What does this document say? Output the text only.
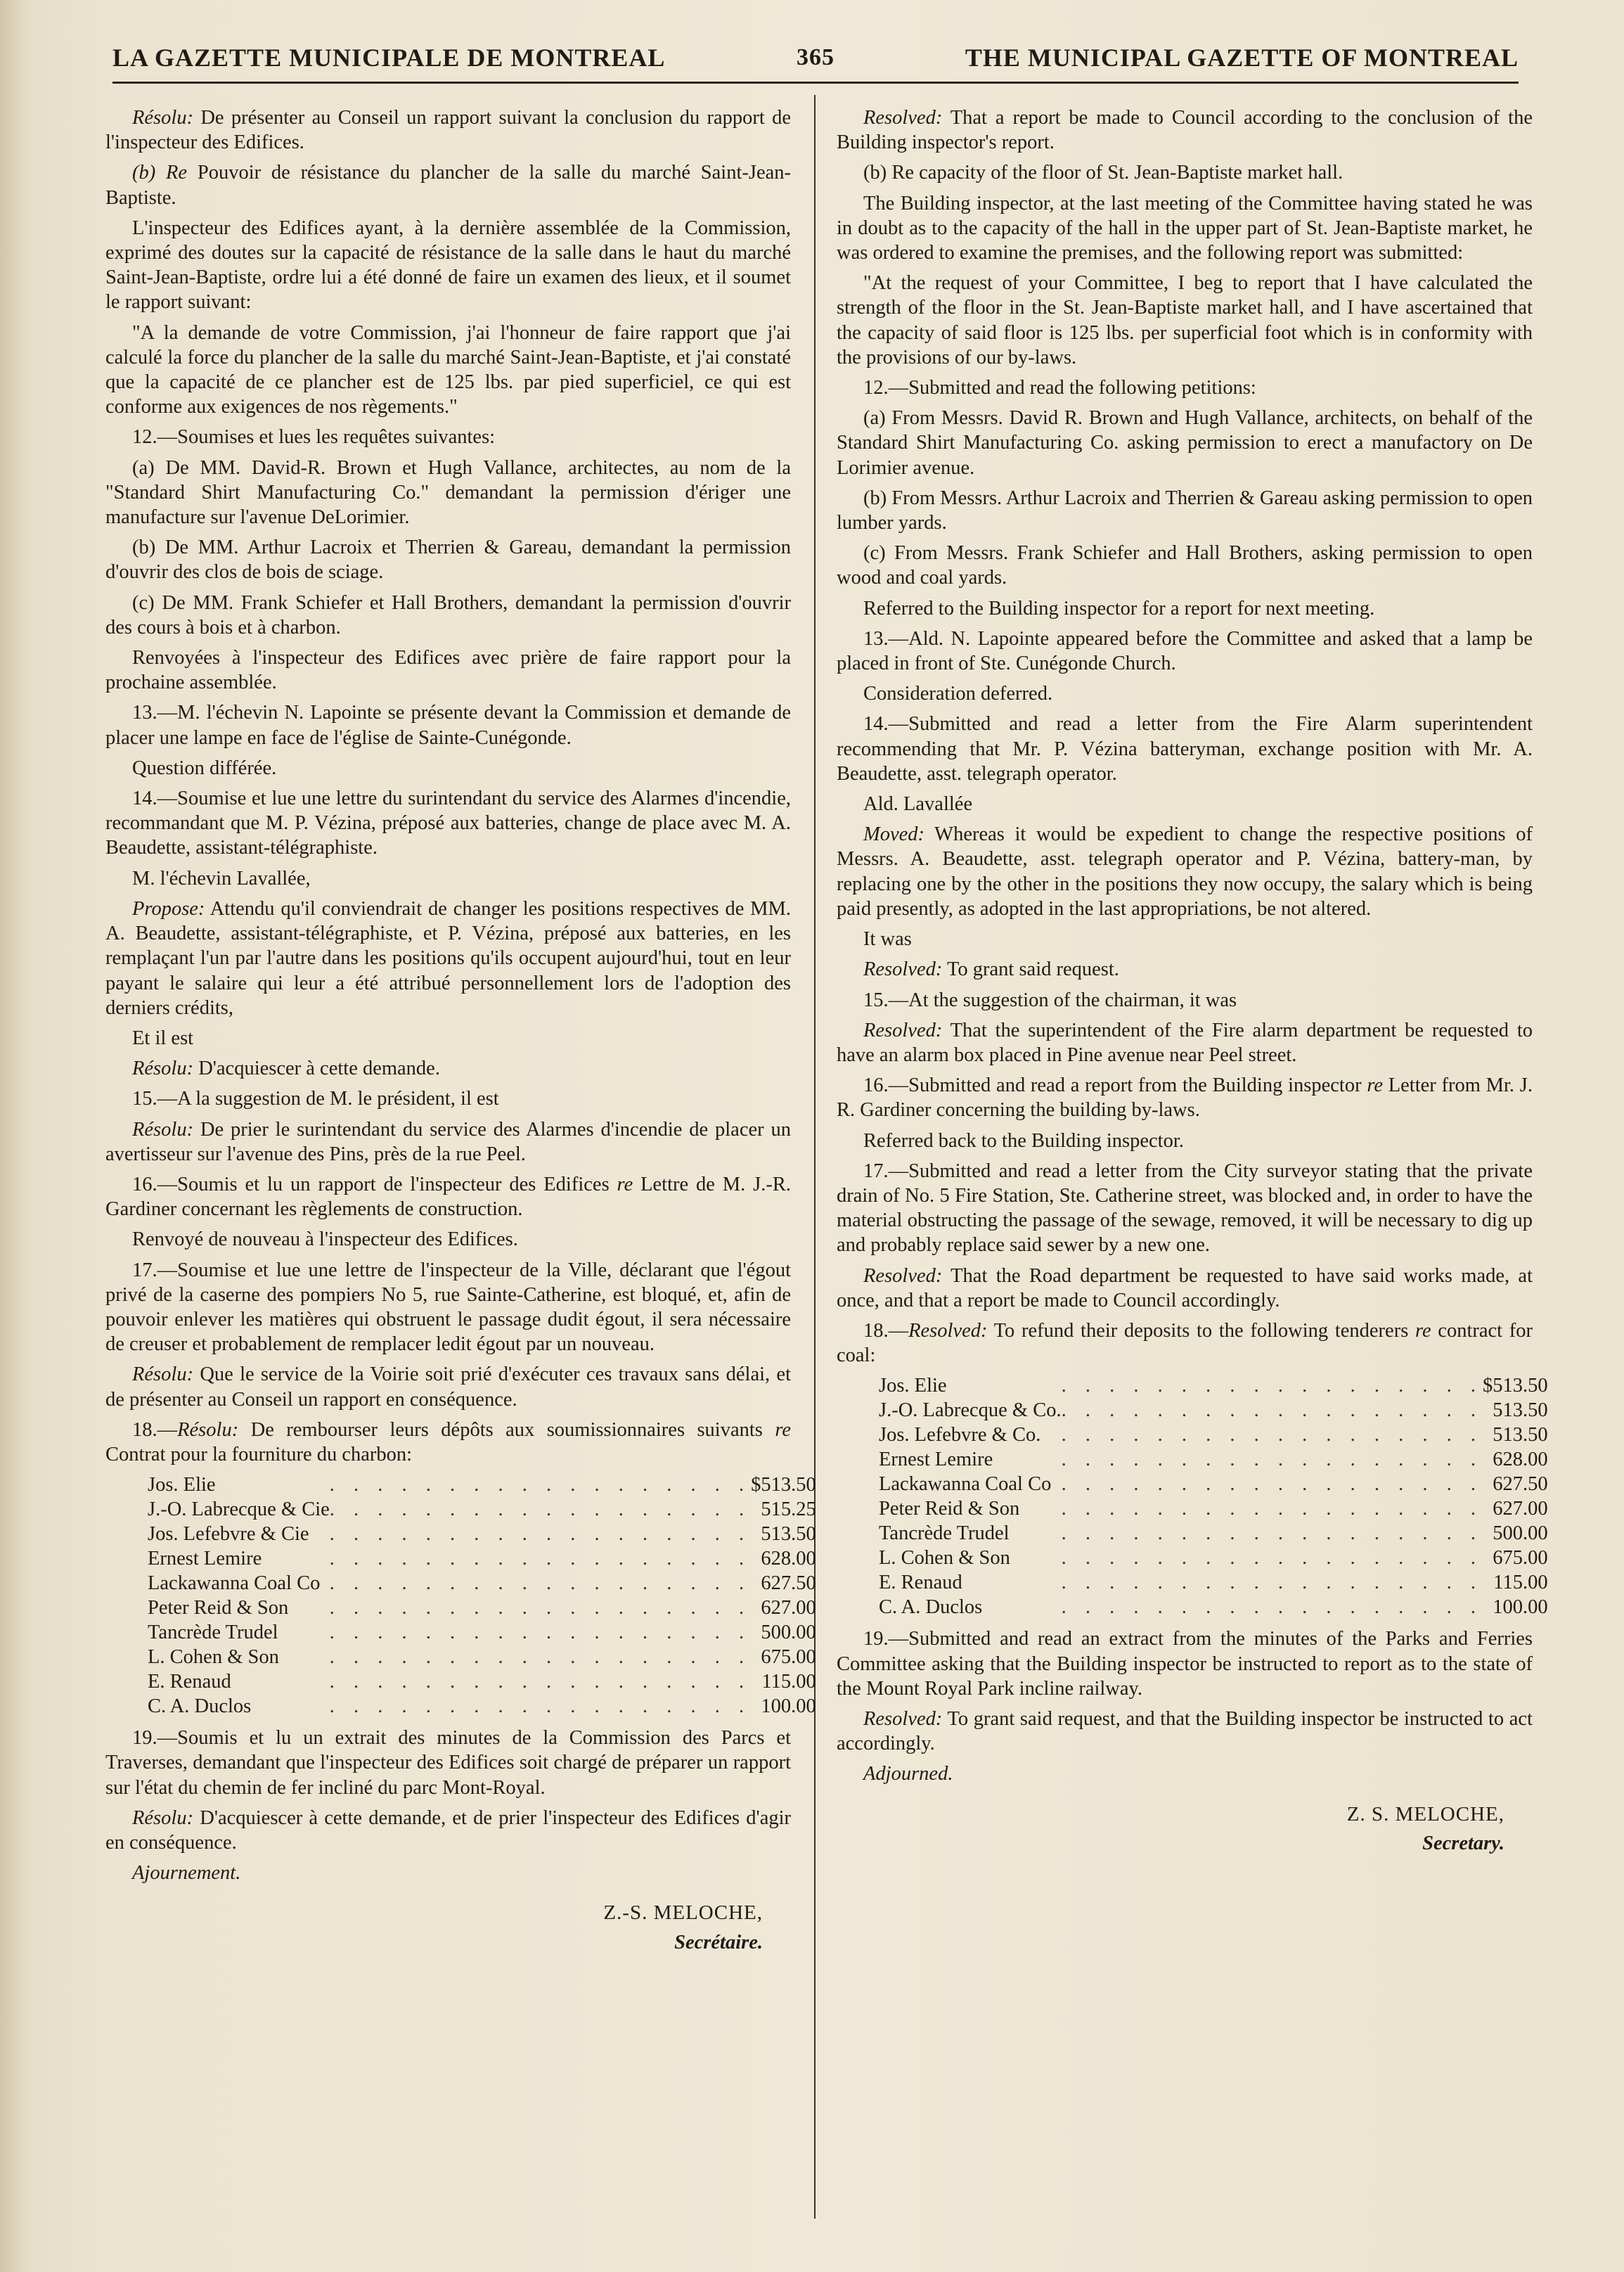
LA GAZETTE MUNICIPALE DE MONTREAL	365	THE MUNICIPAL GAZETTE OF MONTREAL

Résolu: De présenter au Conseil un rapport suivant la conclusion du rapport de l'inspecteur des Edifices.

(b) Re Pouvoir de résistance du plancher de la salle du marché Saint-Jean-Baptiste.

L'inspecteur des Edifices ayant, à la dernière assemblée de la Commission, exprimé des doutes sur la capacité de résistance de la salle dans le haut du marché Saint-Jean-Baptiste, ordre lui a été donné de faire un examen des lieux, et il soumet le rapport suivant:

"A la demande de votre Commission, j'ai l'honneur de faire rapport que j'ai calculé la force du plancher de la salle du marché Saint-Jean-Baptiste, et j'ai constaté que la capacité de ce plancher est de 125 lbs. par pied superficiel, ce qui est conforme aux exigences de nos règements."

12.—Soumises et lues les requêtes suivantes:

(a) De MM. David-R. Brown et Hugh Vallance, architectes, au nom de la "Standard Shirt Manufacturing Co." demandant la permission d'ériger une manufacture sur l'avenue DeLorimier.

(b) De MM. Arthur Lacroix et Therrien & Gareau, demandant la permission d'ouvrir des clos de bois de sciage.

(c) De MM. Frank Schiefer et Hall Brothers, demandant la permission d'ouvrir des cours à bois et à charbon.

Renvoyées à l'inspecteur des Edifices avec prière de faire rapport pour la prochaine assemblée.

13.—M. l'échevin N. Lapointe se présente devant la Commission et demande de placer une lampe en face de l'église de Sainte-Cunégonde.

Question différée.

14.—Soumise et lue une lettre du surintendant du service des Alarmes d'incendie, recommandant que M. P. Vézina, préposé aux batteries, change de place avec M. A. Beaudette, assistant-télégraphiste.

M. l'échevin Lavallée,

Propose: Attendu qu'il conviendrait de changer les positions respectives de MM. A. Beaudette, assistant-télégraphiste, et P. Vézina, préposé aux batteries, en les remplaçant l'un par l'autre dans les positions qu'ils occupent aujourd'hui, tout en leur payant le salaire qui leur a été attribué personnellement lors de l'adoption des derniers crédits,

Et il est

Résolu: D'acquiescer à cette demande.

15.—A la suggestion de M. le président, il est

Résolu: De prier le surintendant du service des Alarmes d'incendie de placer un avertisseur sur l'avenue des Pins, près de la rue Peel.

16.—Soumis et lu un rapport de l'inspecteur des Edifices re Lettre de M. J.-R. Gardiner concernant les règlements de construction.

Renvoyé de nouveau à l'inspecteur des Edifices.

17.—Soumise et lue une lettre de l'inspecteur de la Ville, déclarant que l'égout privé de la caserne des pompiers No 5, rue Sainte-Catherine, est bloqué, et, afin de pouvoir enlever les matières qui obstruent le passage dudit égout, il sera nécessaire de creuser et probablement de remplacer ledit égout par un nouveau.

Résolu: Que le service de la Voirie soit prié d'exécuter ces travaux sans délai, et de présenter au Conseil un rapport en conséquence.

18.—Résolu: De rembourser leurs dépôts aux soumissionnaires suivants re Contrat pour la fourniture du charbon:

Jos. Elie	. . . . . . . . . . . . . . . . . .	$513.50
J.-O. Labrecque & Cie	. . . . . . . . . . . . . . . . . .	515.25
Jos. Lefebvre & Cie	. . . . . . . . . . . . . . . . . .	513.50
Ernest Lemire	. . . . . . . . . . . . . . . . . .	628.00
Lackawanna Coal Co	. . . . . . . . . . . . . . . . . .	627.50
Peter Reid & Son	. . . . . . . . . . . . . . . . . .	627.00
Tancrède Trudel	. . . . . . . . . . . . . . . . . .	500.00
L. Cohen & Son	. . . . . . . . . . . . . . . . . .	675.00
E. Renaud	. . . . . . . . . . . . . . . . . .	115.00
C. A. Duclos	. . . . . . . . . . . . . . . . . .	100.00

19.—Soumis et lu un extrait des minutes de la Commission des Parcs et Traverses, demandant que l'inspecteur des Edifices soit chargé de préparer un rapport sur l'état du chemin de fer incliné du parc Mont-Royal.

Résolu: D'acquiescer à cette demande, et de prier l'inspecteur des Edifices d'agir en conséquence.

Ajournement.
Z.-S. MELOCHE,
Secrétaire.

Resolved: That a report be made to Council according to the conclusion of the Building inspector's report.

(b) Re capacity of the floor of St. Jean-Baptiste market hall.

The Building inspector, at the last meeting of the Committee having stated he was in doubt as to the capacity of the hall in the upper part of St. Jean-Baptiste market, he was ordered to examine the premises, and the following report was submitted:

"At the request of your Committee, I beg to report that I have calculated the strength of the floor in the St. Jean-Baptiste market hall, and I have ascertained that the capacity of said floor is 125 lbs. per superficial foot which is in conformity with the provisions of our by-laws.

12.—Submitted and read the following petitions:

(a) From Messrs. David R. Brown and Hugh Vallance, architects, on behalf of the Standard Shirt Manufacturing Co. asking permission to erect a manufactory on De Lorimier avenue.

(b) From Messrs. Arthur Lacroix and Therrien & Gareau asking permission to open lumber yards.

(c) From Messrs. Frank Schiefer and Hall Brothers, asking permission to open wood and coal yards.

Referred to the Building inspector for a report for next meeting.

13.—Ald. N. Lapointe appeared before the Committee and asked that a lamp be placed in front of Ste. Cunégonde Church.

Consideration deferred.

14.—Submitted and read a letter from the Fire Alarm superintendent recommending that Mr. P. Vézina batteryman, exchange position with Mr. A. Beaudette, asst. telegraph operator.

Ald. Lavallée

Moved: Whereas it would be expedient to change the respective positions of Messrs. A. Beaudette, asst. telegraph operator and P. Vézina, battery-man, by replacing one by the other in the positions they now occupy, the salary which is being paid presently, as adopted in the last appropriations, be not altered.

It was

Resolved: To grant said request.

15.—At the suggestion of the chairman, it was

Resolved: That the superintendent of the Fire alarm department be requested to have an alarm box placed in Pine avenue near Peel street.

16.—Submitted and read a report from the Building inspector re Letter from Mr. J. R. Gardiner concerning the building by-laws.

Referred back to the Building inspector.

17.—Submitted and read a letter from the City surveyor stating that the private drain of No. 5 Fire Station, Ste. Catherine street, was blocked and, in order to have the material obstructing the passage of the sewage, removed, it will be necessary to dig up and probably replace said sewer by a new one.

Resolved: That the Road department be requested to have said works made, at once, and that a report be made to Council accordingly.

18.—Resolved: To refund their deposits to the following tenderers re contract for coal:

Jos. Elie	. . . . . . . . . . . . . . . . . .	$513.50
J.-O. Labrecque & Co.	. . . . . . . . . . . . . . . . . .	513.50
Jos. Lefebvre & Co.	. . . . . . . . . . . . . . . . . .	513.50
Ernest Lemire	. . . . . . . . . . . . . . . . . .	628.00
Lackawanna Coal Co	. . . . . . . . . . . . . . . . . .	627.50
Peter Reid & Son	. . . . . . . . . . . . . . . . . .	627.00
Tancrède Trudel	. . . . . . . . . . . . . . . . . .	500.00
L. Cohen & Son	. . . . . . . . . . . . . . . . . .	675.00
E. Renaud	. . . . . . . . . . . . . . . . . .	115.00
C. A. Duclos	. . . . . . . . . . . . . . . . . .	100.00

19.—Submitted and read an extract from the minutes of the Parks and Ferries Committee asking that the Building inspector be instructed to report as to the state of the Mount Royal Park incline railway.

Resolved: To grant said request, and that the Building inspector be instructed to act accordingly.

Adjourned.
Z. S. MELOCHE,
Secretary.
